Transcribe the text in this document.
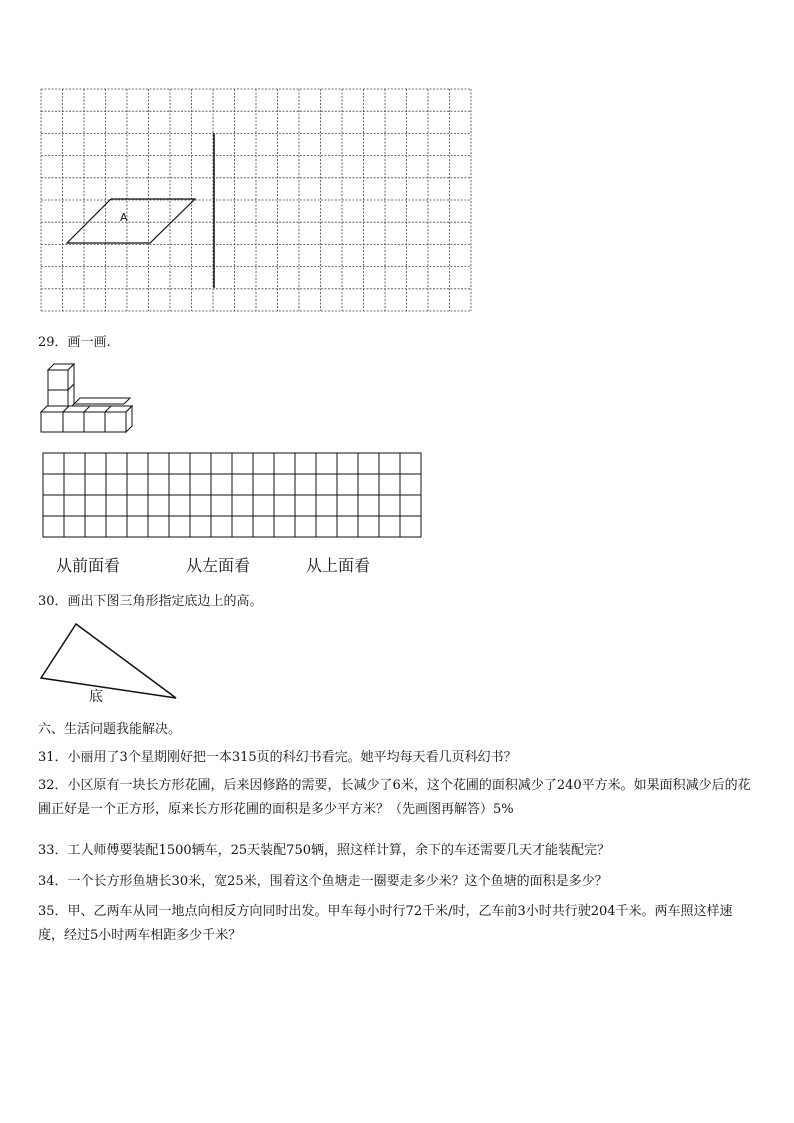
A
29．画一画.
从前面看	从左面看	从上面看
30．画出下图三角形指定底边上的高。
底
六、生活问题我能解决。
31．小丽用了3个星期刚好把一本315页的科幻书看完。她平均每天看几页科幻书？
32．小区原有一块长方形花圃，后来因修路的需要，长减少了6米，这个花圃的面积减少了240平方米。如果面积减少后的花圃正好是一个正方形，原来长方形花圃的面积是多少平方米？（先画图再解答）5%
33．工人师傅要装配1500辆车，25天装配750辆，照这样计算，余下的车还需要几天才能装配完？
34．一个长方形鱼塘长30米，宽25米，围着这个鱼塘走一圈要走多少米？这个鱼塘的面积是多少？
35．甲、乙两车从同一地点向相反方向同时出发。甲车每小时行72千米/时，乙车前3小时共行驶204千米。两车照这样速度，经过5小时两车相距多少千米？
